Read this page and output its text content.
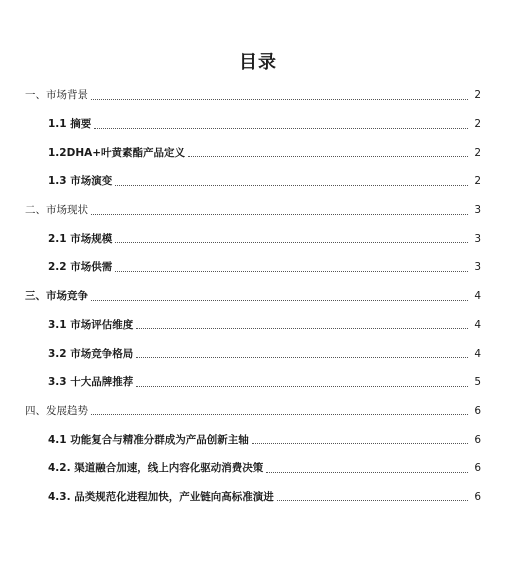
目录
一、市场背景	2
1.1 摘要	2
1.2DHA+叶黄素酯产品定义	2
1.3 市场演变	2
二、市场现状	3
2.1 市场规模	3
2.2 市场供需	3
三、市场竞争	4
3.1 市场评估维度	4
3.2 市场竞争格局	4
3.3 十大品牌推荐	5
四、发展趋势	6
4.1 功能复合与精准分群成为产品创新主轴	6
4.2. 渠道融合加速，线上内容化驱动消费决策	6
4.3. 品类规范化进程加快，产业链向高标准演进	6
